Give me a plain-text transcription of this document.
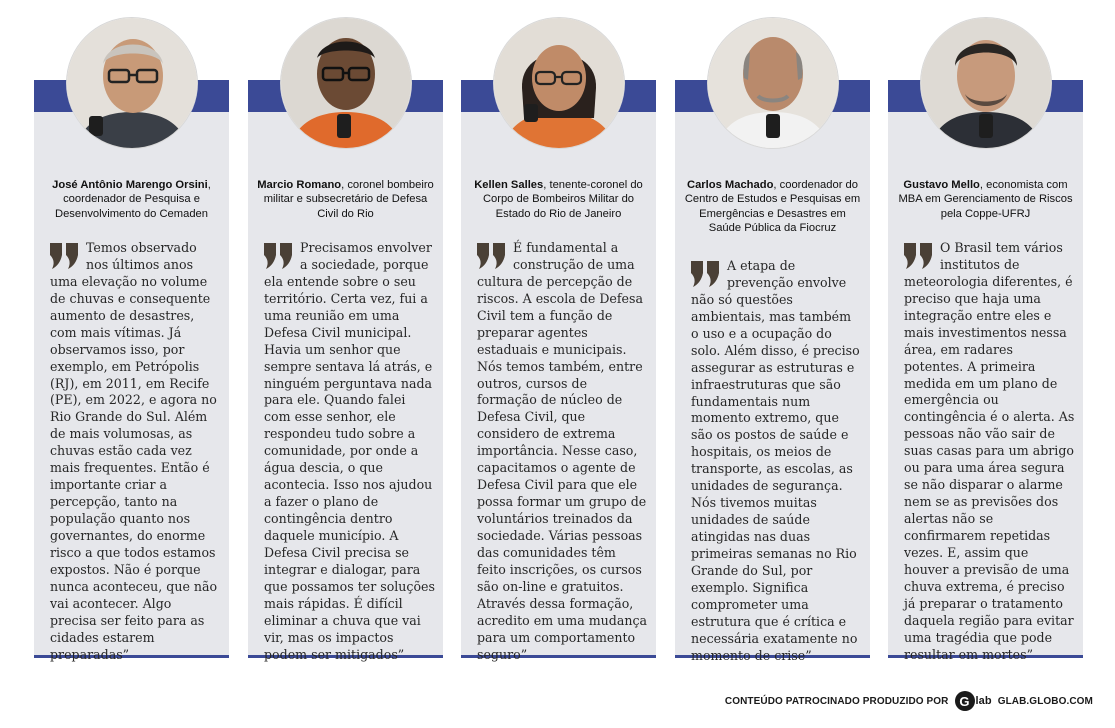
José Antônio Marengo Orsini, coordenador de Pesquisa e Desenvolvimento do Cemaden
Temos observado nos últimos anos uma elevação no volume de chuvas e consequente aumento de desastres, com mais vítimas. Já observamos isso, por exemplo, em Petrópolis (RJ), em 2011, em Recife (PE), em 2022, e agora no Rio Grande do Sul. Além de mais volumosas, as chuvas estão cada vez mais frequentes. Então é importante criar a percepção, tanto na população quanto nos governantes, do enorme risco a que todos estamos expostos. Não é porque nunca aconteceu, que não vai acontecer. Algo precisa ser feito para as cidades estarem preparadas”
Marcio Romano, coronel bombeiro militar e subsecretário de Defesa Civil do Rio
Precisamos envolver a sociedade, porque ela entende sobre o seu território. Certa vez, fui a uma reunião em uma Defesa Civil municipal. Havia um senhor que sempre sentava lá atrás, e ninguém perguntava nada para ele. Quando falei com esse senhor, ele respondeu tudo sobre a comunidade, por onde a água descia, o que acontecia. Isso nos ajudou a fazer o plano de contingência dentro daquele município. A Defesa Civil precisa se integrar e dialogar, para que possamos ter soluções mais rápidas. É difícil eliminar a chuva que vai vir, mas os impactos podem ser mitigados”
Kellen Salles, tenente-coronel do Corpo de Bombeiros Militar do Estado do Rio de Janeiro
É fundamental a construção de uma cultura de percepção de riscos. A escola de Defesa Civil tem a função de preparar agentes estaduais e municipais. Nós temos também, entre outros, cursos de formação de núcleo de Defesa Civil, que considero de extrema importância. Nesse caso, capacitamos o agente de Defesa Civil para que ele possa formar um grupo de voluntários treinados da sociedade. Várias pessoas das comunidades têm feito inscrições, os cursos são on-line e gratuitos. Através dessa formação, acredito em uma mudança para um comportamento seguro”
Carlos Machado, coordenador do Centro de Estudos e Pesquisas em Emergências e Desastres em Saúde Pública da Fiocruz
A etapa de prevenção envolve não só questões ambientais, mas também o uso e a ocupação do solo. Além disso, é preciso assegurar as estruturas e infraestruturas que são fundamentais num momento extremo, que são os postos de saúde e hospitais, os meios de transporte, as escolas, as unidades de segurança. Nós tivemos muitas unidades de saúde atingidas nas duas primeiras semanas no Rio Grande do Sul, por exemplo. Significa comprometer uma estrutura que é crítica e necessária exatamente no momento de crise”
Gustavo Mello, economista com MBA em Gerenciamento de Riscos pela Coppe-UFRJ
O Brasil tem vários institutos de meteorologia diferentes, é preciso que haja uma integração entre eles e mais investimentos nessa área, em radares potentes. A primeira medida em um plano de emergência ou contingência é o alerta. As pessoas não vão sair de suas casas para um abrigo ou para uma área segura se não disparar o alarme nem se as previsões dos alertas não se confirmarem repetidas vezes. E, assim que houver a previsão de uma chuva extrema, é preciso já preparar o tratamento daquela região para evitar uma tragédia que pode resultar em mortes”
CONTEÚDO PATROCINADO PRODUZIDO POR G lab GLAB.GLOBO.COM
